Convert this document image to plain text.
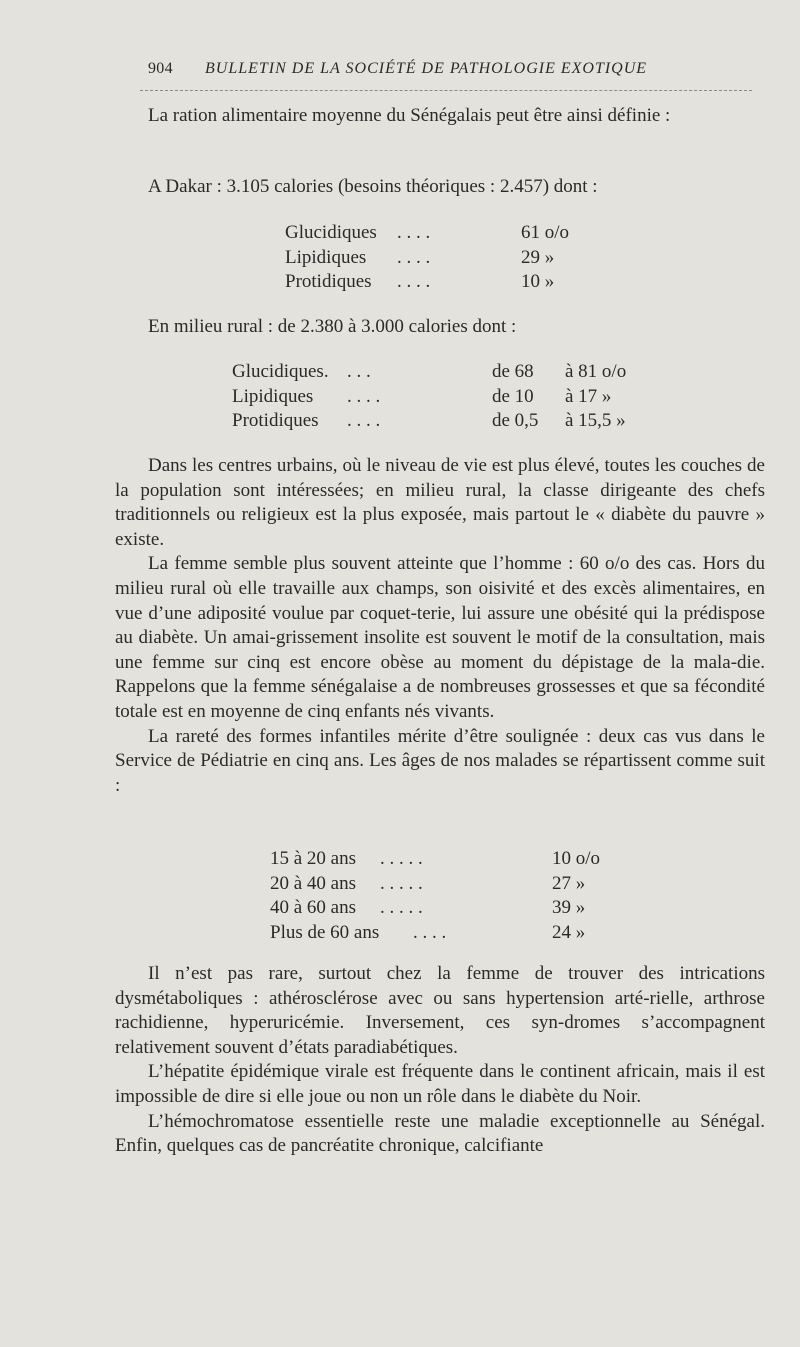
904 BULLETIN DE LA SOCIÉTÉ DE PATHOLOGIE EXOTIQUE

La ration alimentaire moyenne du Sénégalais peut être ainsi définie :

A Dakar : 3.105 calories (besoins théoriques : 2.457) dont :
Glucidiques . . . .	61 o/o
Lipidiques . . . .	29 »
Protidiques . . . .	10 »
En milieu rural : de 2.380 à 3.000 calories dont :
Glucidiques. . . .	de 68 à 81 o/o
Lipidiques . . . .	de 10 à 17 »
Protidiques . . . .	de 0,5 à 15,5 »

Dans les centres urbains, où le niveau de vie est plus élevé, toutes les couches de la population sont intéressées; en milieu rural, la classe dirigeante des chefs traditionnels ou religieux est la plus exposée, mais partout le « diabète du pauvre » existe.

La femme semble plus souvent atteinte que l’homme : 60 o/o des cas. Hors du milieu rural où elle travaille aux champs, son oisivité et des excès alimentaires, en vue d’une adiposité voulue par coquet-terie, lui assure une obésité qui la prédispose au diabète. Un amai-grissement insolite est souvent le motif de la consultation, mais une femme sur cinq est encore obèse au moment du dépistage de la mala-die. Rappelons que la femme sénégalaise a de nombreuses grossesses et que sa fécondité totale est en moyenne de cinq enfants nés vivants.

La rareté des formes infantiles mérite d’être soulignée : deux cas vus dans le Service de Pédiatrie en cinq ans. Les âges de nos malades se répartissent comme suit :

15 à 20 ans . . . . .	10 o/o
20 à 40 ans . . . . .	27 »
40 à 60 ans . . . . .	39 »
Plus de 60 ans . . . .	24 »

Il n’est pas rare, surtout chez la femme de trouver des intrications dysmétaboliques : athérosclérose avec ou sans hypertension arté-rielle, arthrose rachidienne, hyperuricémie. Inversement, ces syn-dromes s’accompagnent relativement souvent d’états paradiabétiques.

L’hépatite épidémique virale est fréquente dans le continent africain, mais il est impossible de dire si elle joue ou non un rôle dans le diabète du Noir.

L’hémochromatose essentielle reste une maladie exceptionnelle au Sénégal. Enfin, quelques cas de pancréatite chronique, calcifiante
